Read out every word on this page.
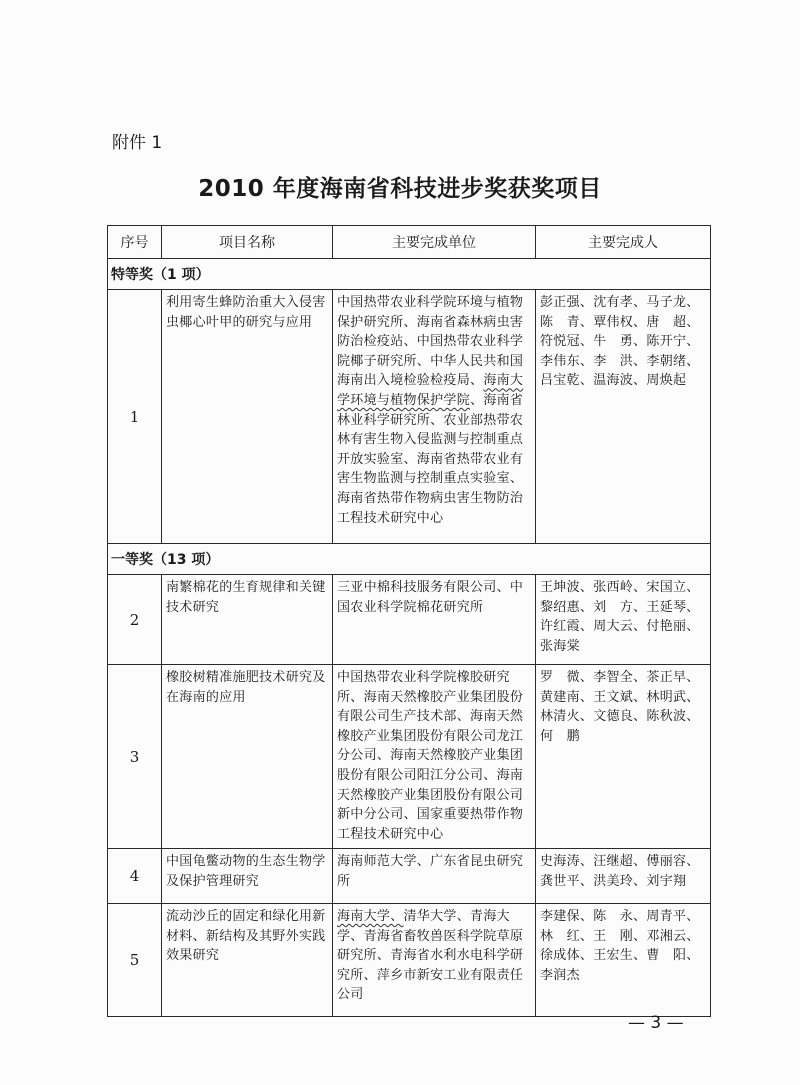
附件 1
2010 年度海南省科技进步奖获奖项目
序号	项目名称	主要完成单位	主要完成人
特等奖（1 项）			
1	利用寄生蜂防治重大入侵害虫椰心叶甲的研究与应用	中国热带农业科学院环境与植物保护研究所、海南省森林病虫害防治检疫站、中国热带农业科学院椰子研究所、中华人民共和国海南出入境检验检疫局、海南大学环境与植物保护学院、海南省林业科学研究所、农业部热带农林有害生物入侵监测与控制重点开放实验室、海南省热带农业有害生物监测与控制重点实验室、海南省热带作物病虫害生物防治工程技术研究中心	彭正强、沈有孝、马子龙、陈　青、覃伟权、唐　超、符悦冠、牛　勇、陈开宁、李伟东、李　洪、李朝绪、吕宝乾、温海波、周焕起
一等奖（13 项）			
2	南繁棉花的生育规律和关键技术研究	三亚中棉科技服务有限公司、中国农业科学院棉花研究所	王坤波、张西岭、宋国立、黎绍惠、刘　方、王延琴、许红霞、周大云、付艳丽、张海棠
3	橡胶树精准施肥技术研究及在海南的应用	中国热带农业科学院橡胶研究所、海南天然橡胶产业集团股份有限公司生产技术部、海南天然橡胶产业集团股份有限公司龙江分公司、海南天然橡胶产业集团股份有限公司阳江分公司、海南天然橡胶产业集团股份有限公司新中分公司、国家重要热带作物工程技术研究中心	罗　微、李智全、茶正早、黄建南、王文斌、林明武、林清火、文德良、陈秋波、何　鹏
4	中国龟鳖动物的生态生物学及保护管理研究	海南师范大学、广东省昆虫研究所	史海涛、汪继超、傅丽容、龚世平、洪美玲、刘宇翔
5	流动沙丘的固定和绿化用新材料、新结构及其野外实践效果研究	海南大学、清华大学、青海大学、青海省畜牧兽医科学院草原研究所、青海省水利水电科学研究所、萍乡市新安工业有限责任公司	李建保、陈　永、周青平、林　红、王　刚、邓湘云、徐成体、王宏生、曹　阳、李润杰
— 3 —
